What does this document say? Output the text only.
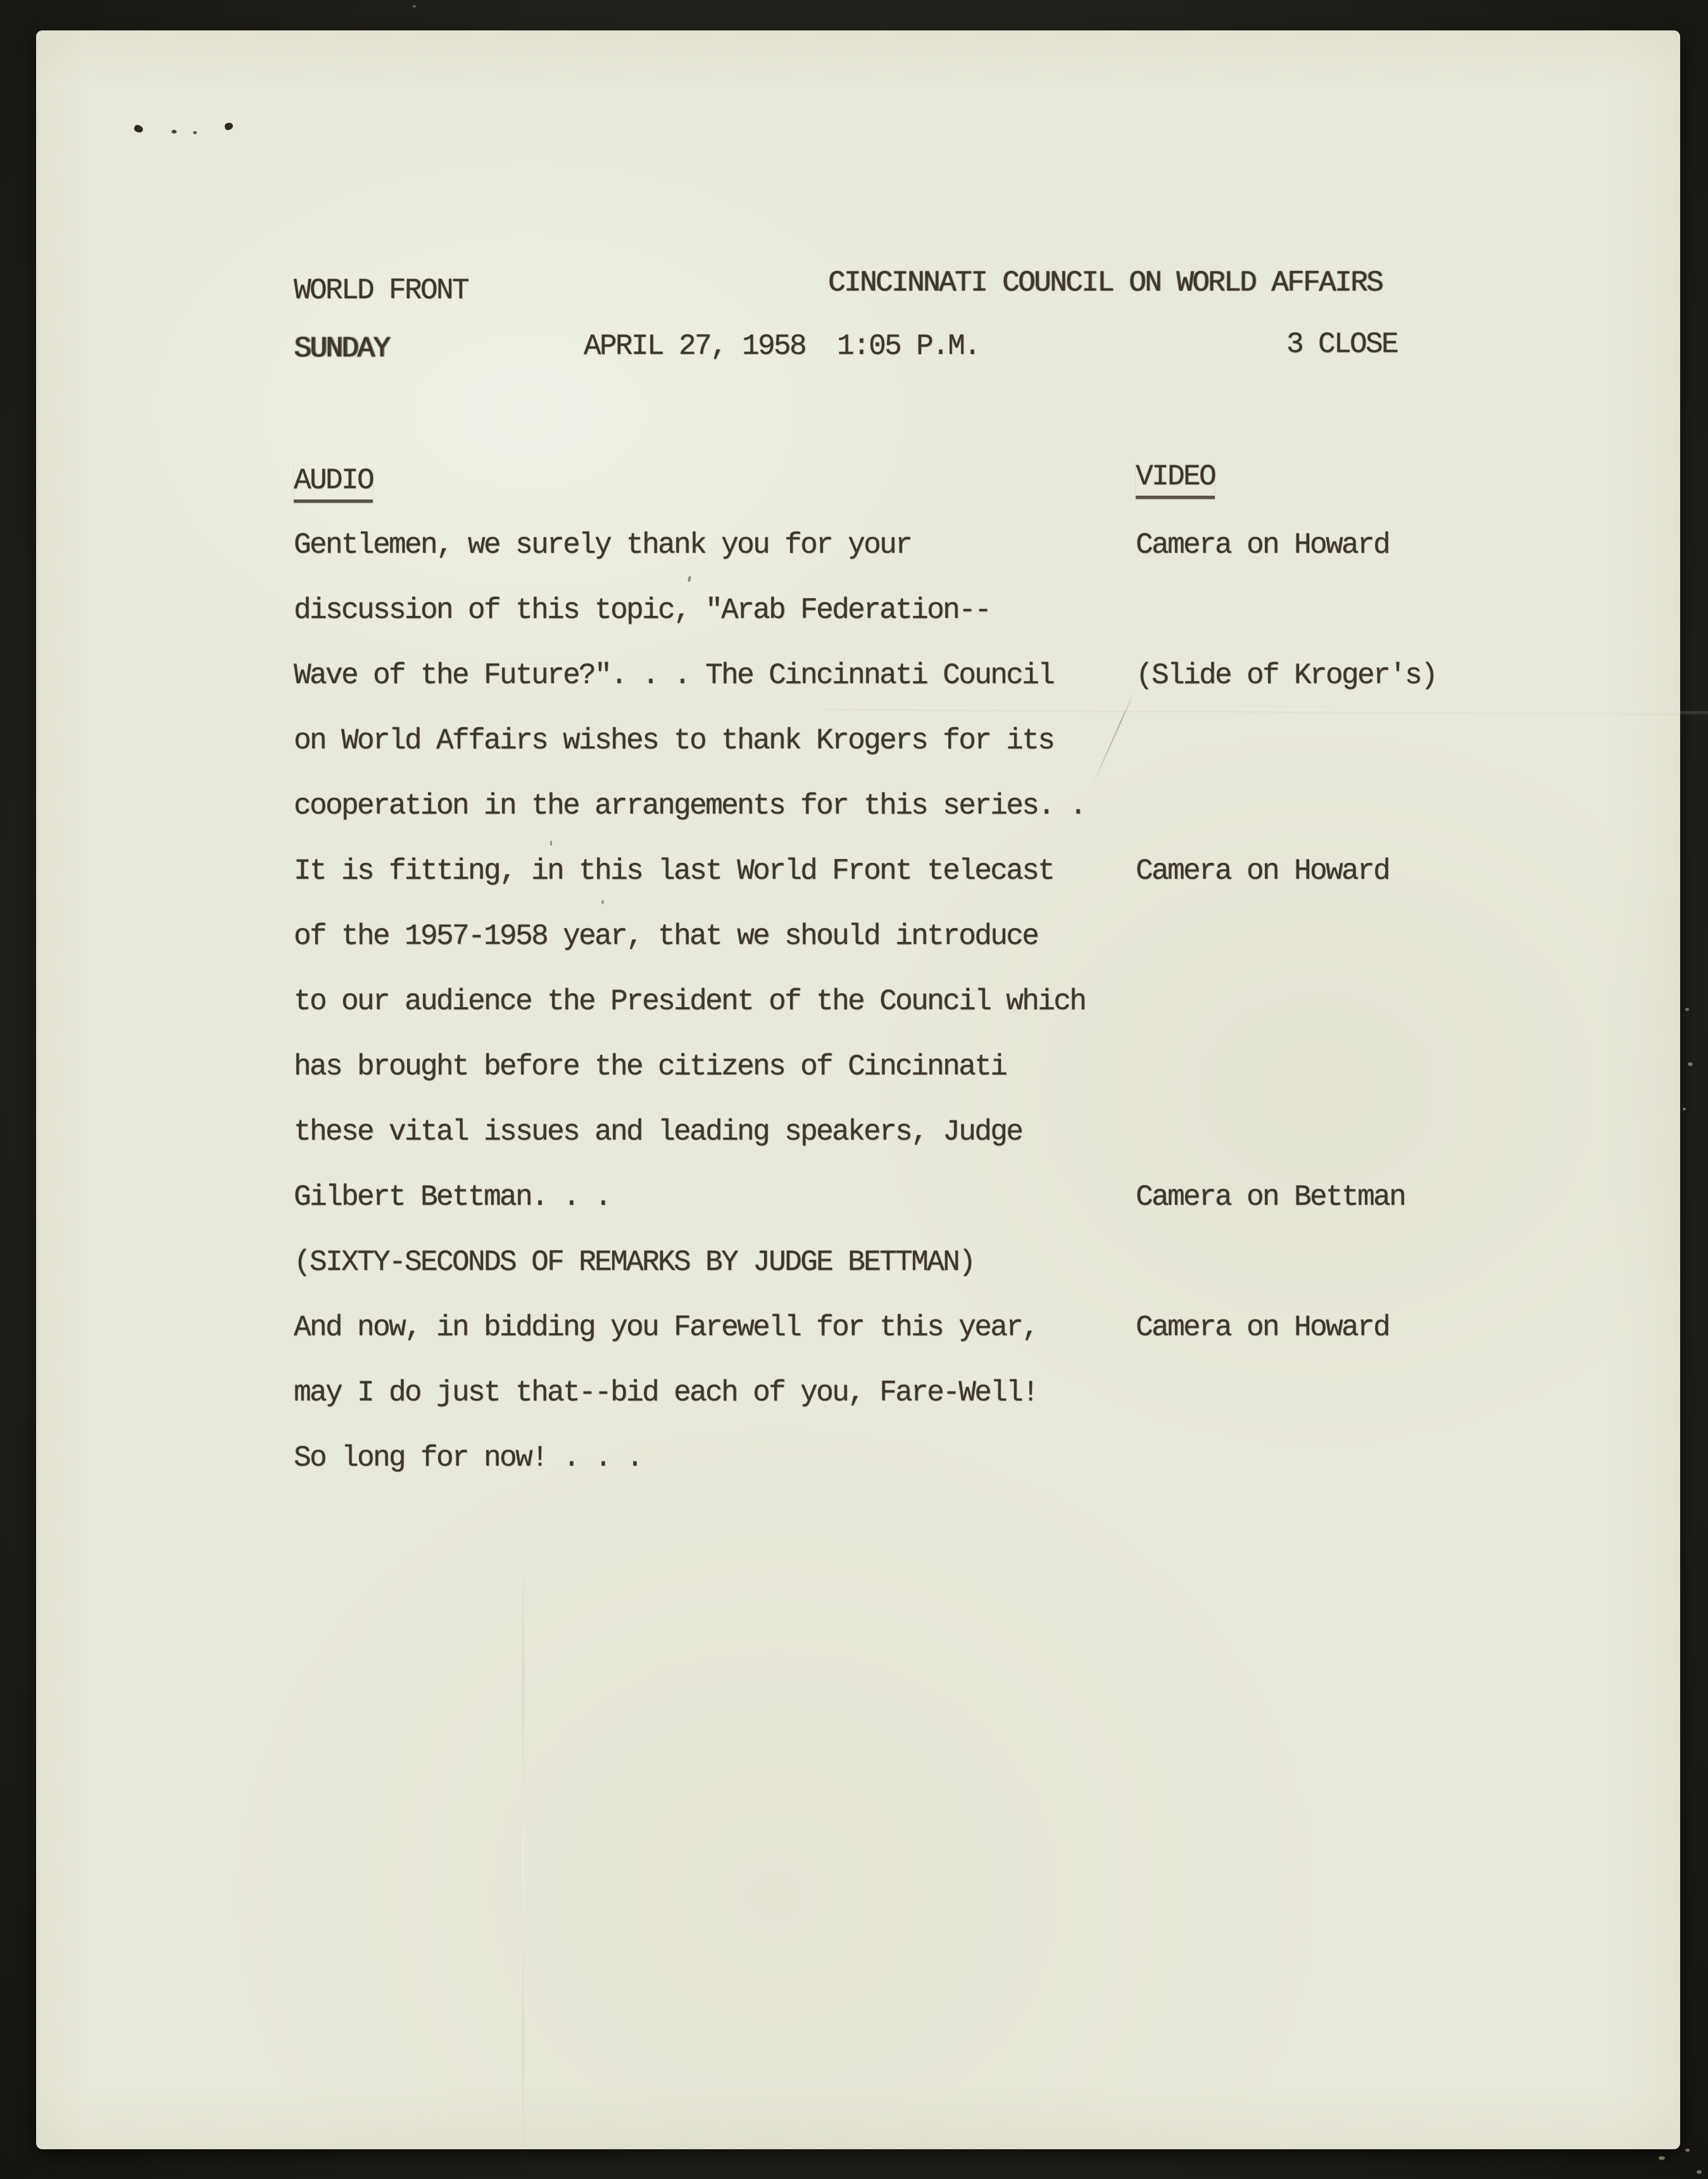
WORLD FRONT	CINCINNATI COUNCIL ON WORLD AFFAIRS
SUNDAY	APRIL 27, 1958  1:05 P.M.	3 CLOSE
AUDIO	VIDEO
Gentlemen, we surely thank you for your	Camera on Howard
discussion of this topic, "Arab Federation--
Wave of the Future?". . . The Cincinnati Council	(Slide of Kroger's)
on World Affairs wishes to thank Krogers for its
cooperation in the arrangements for this series. .
It is fitting, in this last World Front telecast	Camera on Howard
of the 1957-1958 year, that we should introduce
to our audience the President of the Council which
has brought before the citizens of Cincinnati
these vital issues and leading speakers, Judge
Gilbert Bettman. . .	Camera on Bettman
(SIXTY-SECONDS OF REMARKS BY JUDGE BETTMAN)
And now, in bidding you Farewell for this year,	Camera on Howard
may I do just that--bid each of you, Fare-Well!
So long for now! . . .
